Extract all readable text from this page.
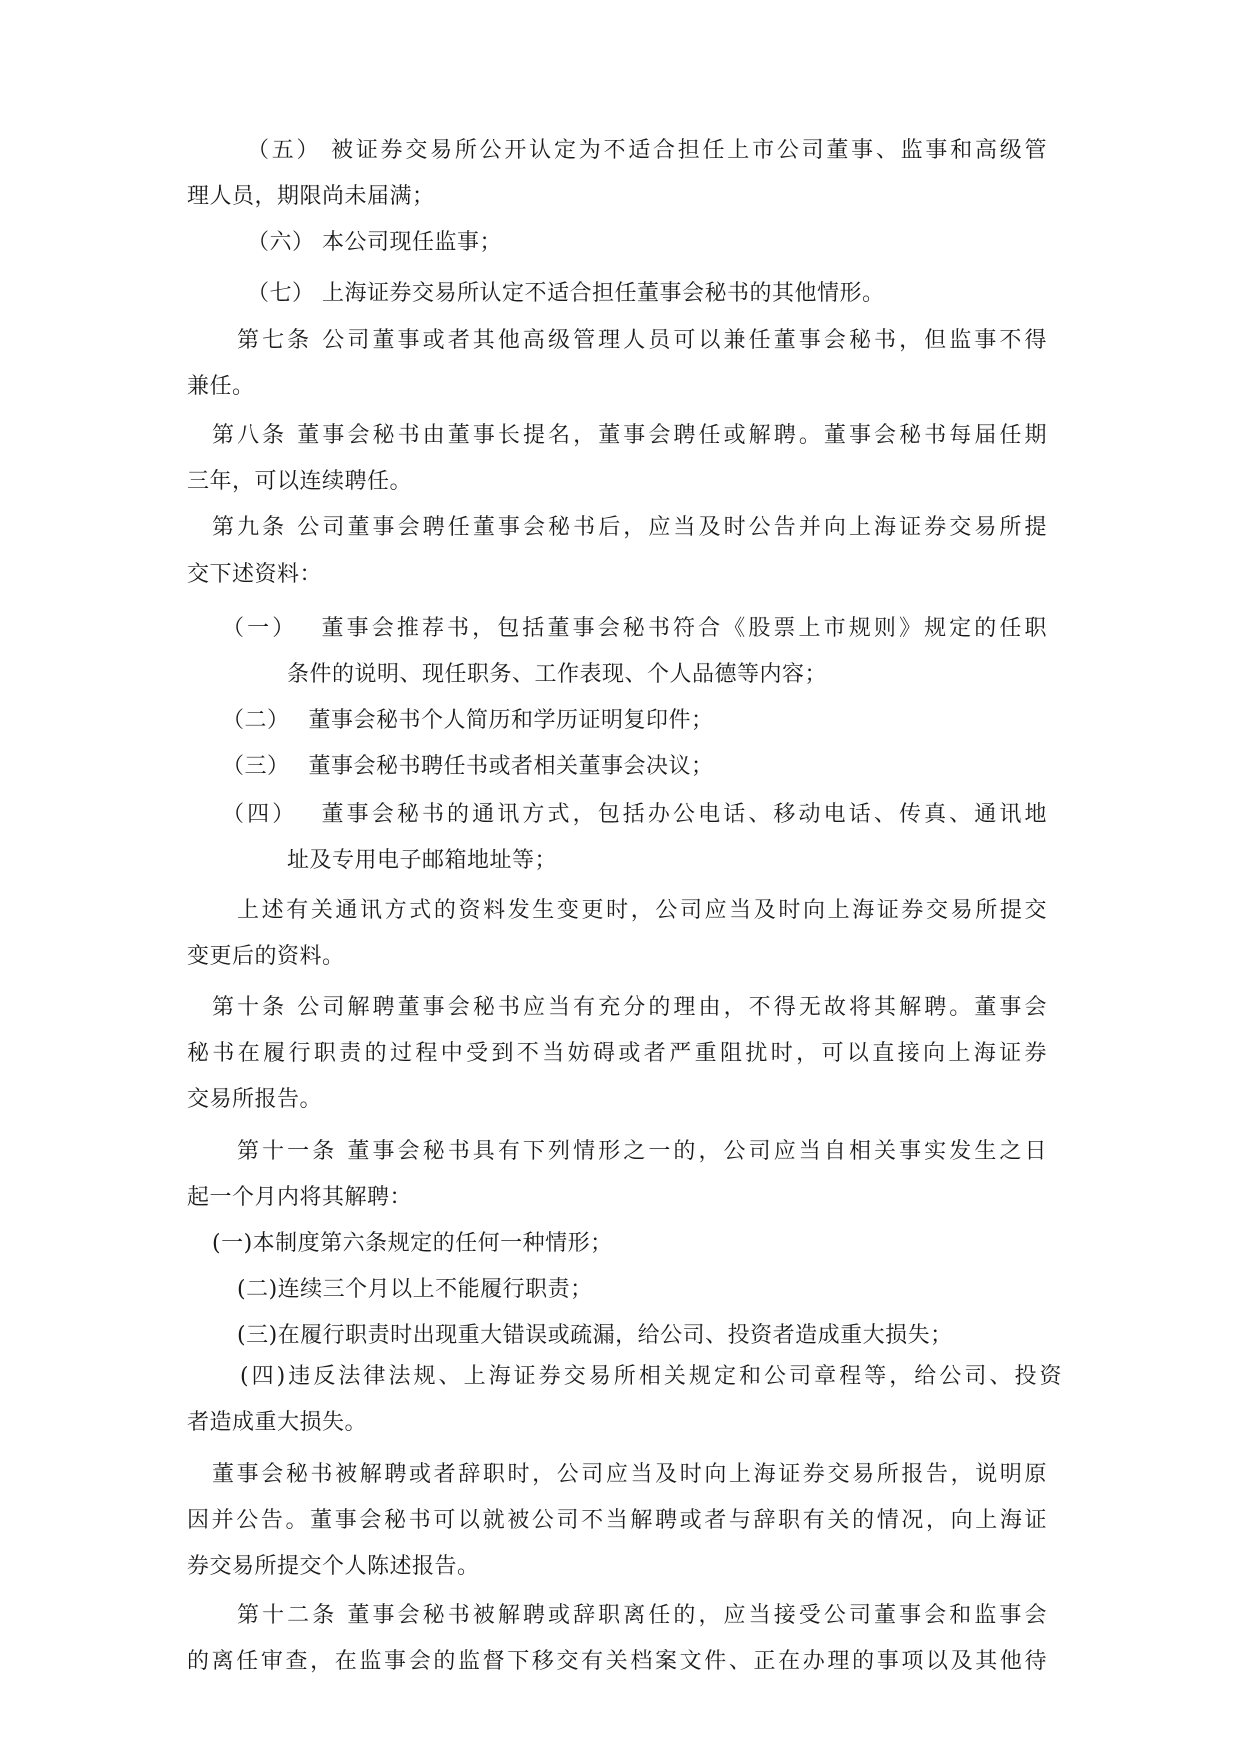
（五） 被证券交易所公开认定为不适合担任上市公司董事、监事和高级管
理人员，期限尚未届满；
（六） 本公司现任监事；
（七） 上海证券交易所认定不适合担任董事会秘书的其他情形。
第七条 公司董事或者其他高级管理人员可以兼任董事会秘书，但监事不得
兼任。
第八条 董事会秘书由董事长提名，董事会聘任或解聘。董事会秘书每届任期
三年，可以连续聘任。
第九条 公司董事会聘任董事会秘书后，应当及时公告并向上海证券交易所提
交下述资料：
（一）　 董事会推荐书，包括董事会秘书符合《股票上市规则》规定的任职
条件的说明、现任职务、工作表现、个人品德等内容；
（二）　 董事会秘书个人简历和学历证明复印件；
（三）　 董事会秘书聘任书或者相关董事会决议；
（四）　 董事会秘书的通讯方式，包括办公电话、移动电话、传真、通讯地
址及专用电子邮箱地址等；
上述有关通讯方式的资料发生变更时，公司应当及时向上海证券交易所提交
变更后的资料。
第十条 公司解聘董事会秘书应当有充分的理由，不得无故将其解聘。董事会
秘书在履行职责的过程中受到不当妨碍或者严重阻扰时，可以直接向上海证券
交易所报告。
第十一条 董事会秘书具有下列情形之一的，公司应当自相关事实发生之日
起一个月内将其解聘：
(一)本制度第六条规定的任何一种情形；
(二)连续三个月以上不能履行职责；
(三)在履行职责时出现重大错误或疏漏，给公司、投资者造成重大损失；
(四)违反法律法规、上海证券交易所相关规定和公司章程等，给公司、投资
者造成重大损失。
董事会秘书被解聘或者辞职时，公司应当及时向上海证券交易所报告，说明原
因并公告。董事会秘书可以就被公司不当解聘或者与辞职有关的情况，向上海证
券交易所提交个人陈述报告。
第十二条 董事会秘书被解聘或辞职离任的，应当接受公司董事会和监事会
的离任审查，在监事会的监督下移交有关档案文件、正在办理的事项以及其他待
